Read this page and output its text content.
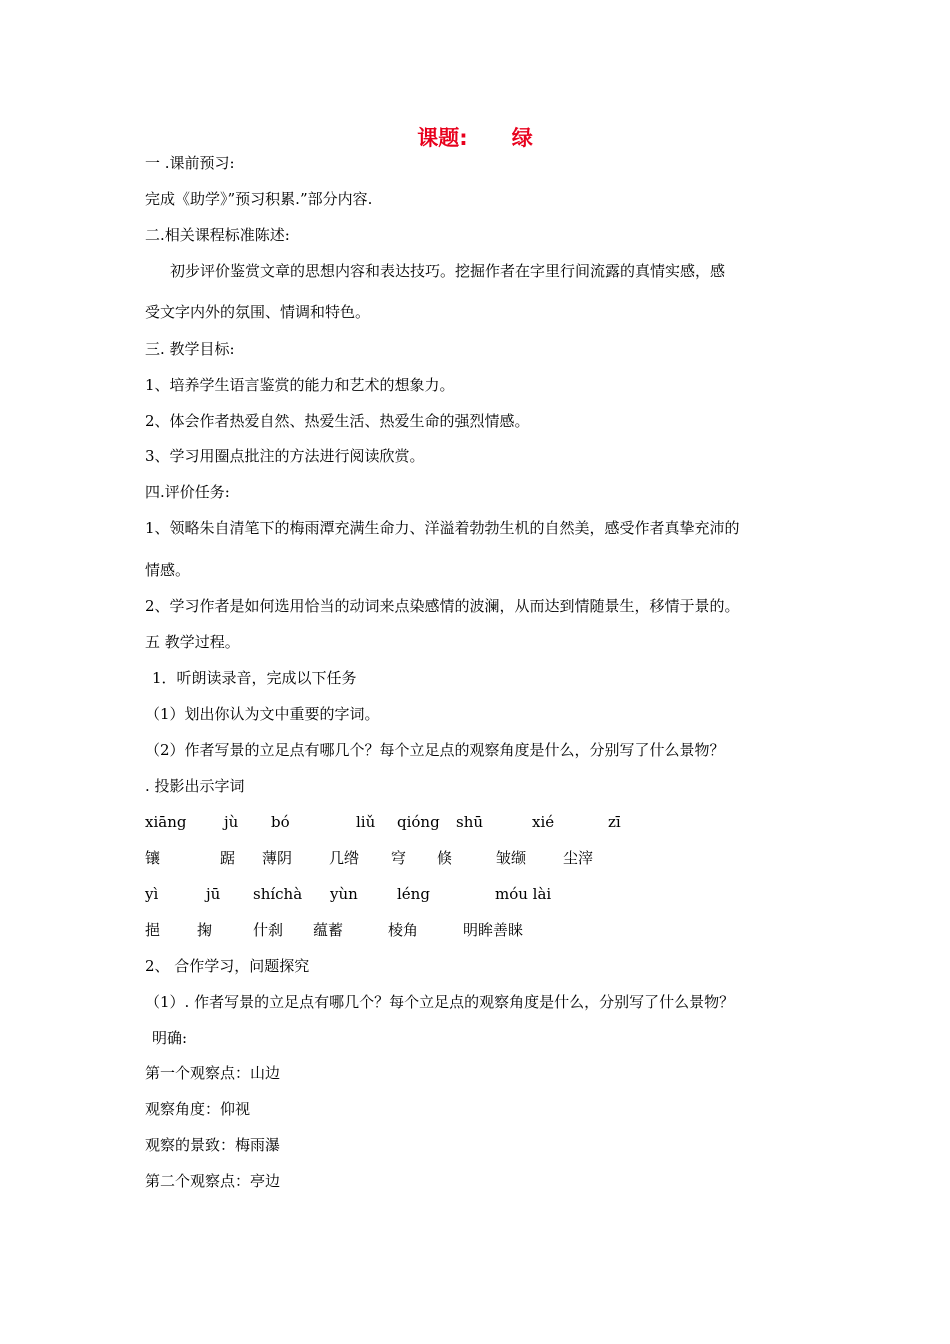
课题: 绿
一 .课前预习:
完成《助学》”预习积累.”部分内容.
二.相关课程标准陈述:
初步评价鉴赏文章的思想内容和表达技巧。挖掘作者在字里行间流露的真情实感，感
受文字内外的氛围、情调和特色。
三. 教学目标:
1、培养学生语言鉴赏的能力和艺术的想象力。
2、体会作者热爱自然、热爱生活、热爱生命的强烈情感。
3、学习用圈点批注的方法进行阅读欣赏。
四.评价任务:
1、领略朱自清笔下的梅雨潭充满生命力、洋溢着勃勃生机的自然美，感受作者真挚充沛的
情感。
2、学习作者是如何选用恰当的动词来点染感情的波澜，从而达到情随景生，移情于景的。
五 教学过程。
1．听朗读录音，完成以下任务
（1）划出你认为文中重要的字词。
（2）作者写景的立足点有哪几个？每个立足点的观察角度是什么，分别写了什么景物？
. 投影出示字词
xiāng	jù bó	liǔ qióng shū	xié	zī
镶	踞 薄阴 几绺 穹 倏	皱缬 尘滓
yì	jū shíchà yùn	léng	móu lài
挹 掬	什刹 蕴蓄	棱角	明眸善睐
2、 合作学习，问题探究
（1）. 作者写景的立足点有哪几个？每个立足点的观察角度是什么，分别写了什么景物？
明确:
第一个观察点：山边
观察角度：仰视
观察的景致：梅雨瀑
第二个观察点：亭边
